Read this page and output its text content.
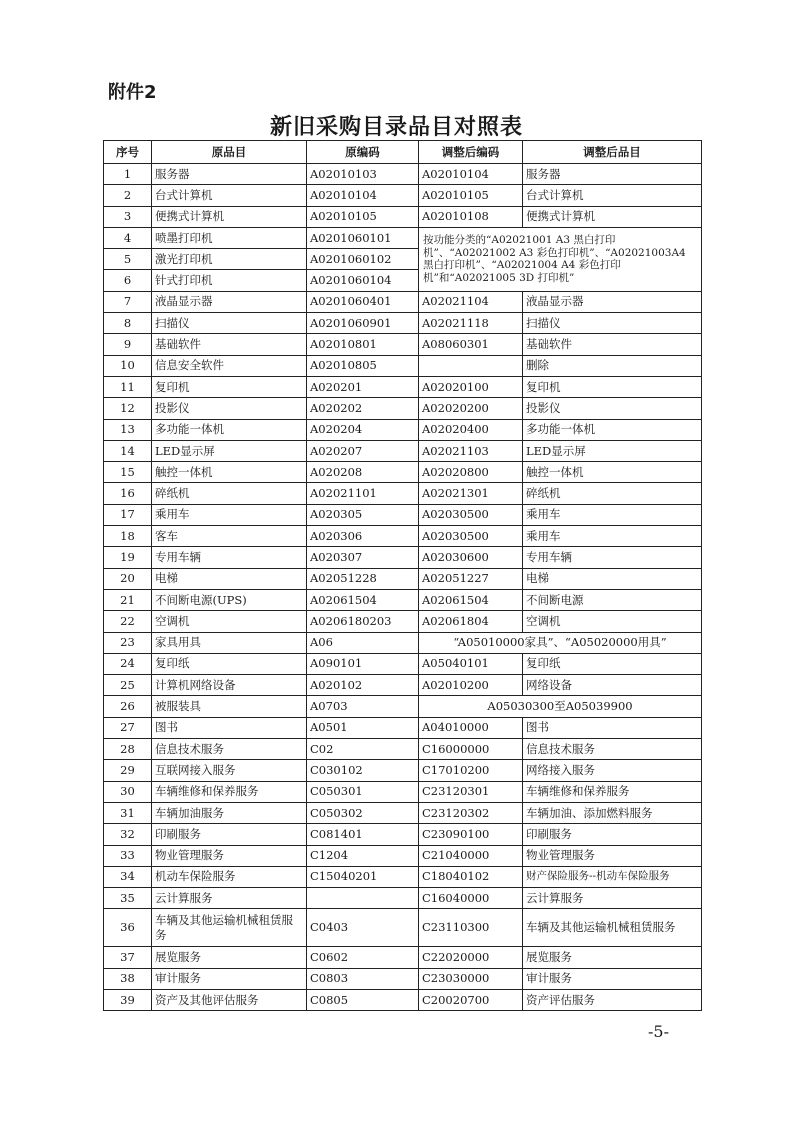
附件2
新旧采购目录品目对照表
序号	原品目	原编码	调整后编码	调整后品目
1	服务器	A02010103	A02010104	服务器
2	台式计算机	A02010104	A02010105	台式计算机
3	便携式计算机	A02010105	A02010108	便携式计算机
4	喷墨打印机	A0201060101	按功能分类的“A02021001 A3 黑白打印机”、“A02021002 A3 彩色打印机”、“A02021003A4 黑白打印机”、“A02021004 A4 彩色打印机”和“A02021005 3D 打印机”	
5	激光打印机	A0201060102		
6	针式打印机	A0201060104		
7	液晶显示器	A0201060401	A02021104	液晶显示器
8	扫描仪	A0201060901	A02021118	扫描仪
9	基础软件	A02010801	A08060301	基础软件
10	信息安全软件	A02010805		删除
11	复印机	A020201	A02020100	复印机
12	投影仪	A020202	A02020200	投影仪
13	多功能一体机	A020204	A02020400	多功能一体机
14	LED显示屏	A020207	A02021103	LED显示屏
15	触控一体机	A020208	A02020800	触控一体机
16	碎纸机	A02021101	A02021301	碎纸机
17	乘用车	A020305	A02030500	乘用车
18	客车	A020306	A02030500	乘用车
19	专用车辆	A020307	A02030600	专用车辆
20	电梯	A02051228	A02051227	电梯
21	不间断电源(UPS)	A02061504	A02061504	不间断电源
22	空调机	A0206180203	A02061804	空调机
23	家具用具	A06	“A05010000家具”、“A05020000用具”	
24	复印纸	A090101	A05040101	复印纸
25	计算机网络设备	A020102	A02010200	网络设备
26	被服装具	A0703	A05030300至A05039900	
27	图书	A0501	A04010000	图书
28	信息技术服务	C02	C16000000	信息技术服务
29	互联网接入服务	C030102	C17010200	网络接入服务
30	车辆维修和保养服务	C050301	C23120301	车辆维修和保养服务
31	车辆加油服务	C050302	C23120302	车辆加油、添加燃料服务
32	印刷服务	C081401	C23090100	印刷服务
33	物业管理服务	C1204	C21040000	物业管理服务
34	机动车保险服务	C15040201	C18040102	财产保险服务--机动车保险服务
35	云计算服务		C16040000	云计算服务
36	车辆及其他运输机械租赁服务	C0403	C23110300	车辆及其他运输机械租赁服务
37	展览服务	C0602	C22020000	展览服务
38	审计服务	C0803	C23030000	审计服务
39	资产及其他评估服务	C0805	C20020700	资产评估服务
-5-
